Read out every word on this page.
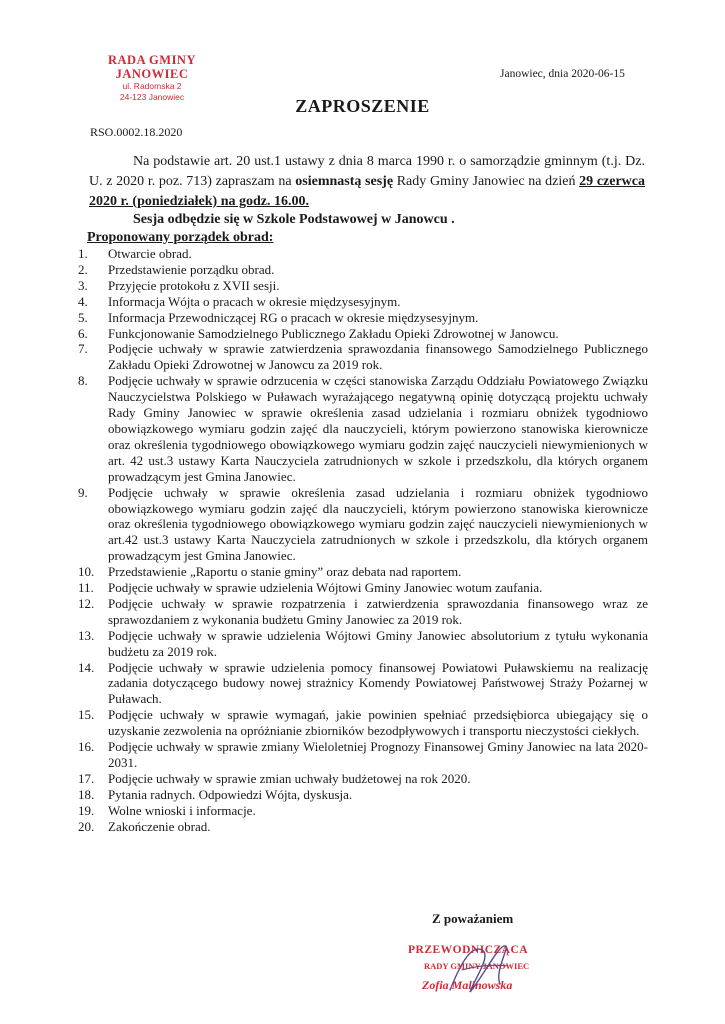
RADA GMINY
JANOWIEC
ul. Radomska 2
24-123 Janowiec
Janowiec, dnia 2020-06-15
ZAPROSZENIE
RSO.0002.18.2020
Na podstawie art. 20 ust.1 ustawy z dnia 8 marca 1990 r. o samorządzie gminnym (t.j. Dz. U. z 2020 r. poz. 713) zapraszam na osiemnastą sesję Rady Gminy Janowiec na dzień 29 czerwca 2020 r. (poniedziałek) na godz. 16.00.
Sesja odbędzie się w Szkole Podstawowej w Janowcu .
Proponowany porządek obrad:
1.	Otwarcie obrad.
2.	Przedstawienie porządku obrad.
3.	Przyjęcie protokołu z XVII sesji.
4.	Informacja Wójta o pracach w okresie międzysesyjnym.
5.	Informacja Przewodniczącej RG o pracach w okresie międzysesyjnym.
6.	Funkcjonowanie Samodzielnego Publicznego Zakładu Opieki Zdrowotnej w Janowcu.
7.	Podjęcie uchwały w sprawie zatwierdzenia sprawozdania finansowego Samodzielnego Publicznego Zakładu Opieki Zdrowotnej w Janowcu za 2019 rok.
8.	Podjęcie uchwały w sprawie odrzucenia w części stanowiska Zarządu Oddziału Powiatowego Związku Nauczycielstwa Polskiego w Puławach wyrażającego negatywną opinię dotyczącą projektu uchwały Rady Gminy Janowiec w sprawie określenia zasad udzielania i rozmiaru obniżek tygodniowo obowiązkowego wymiaru godzin zajęć dla nauczycieli, którym powierzono stanowiska kierownicze oraz określenia tygodniowego obowiązkowego wymiaru godzin zajęć nauczycieli niewymienionych w art. 42 ust.3 ustawy Karta Nauczyciela zatrudnionych w szkole i przedszkolu, dla których organem prowadzącym jest Gmina Janowiec.
9.	Podjęcie uchwały w sprawie określenia zasad udzielania i rozmiaru obniżek tygodniowo obowiązkowego wymiaru godzin zajęć dla nauczycieli, którym powierzono stanowiska kierownicze oraz określenia tygodniowego obowiązkowego wymiaru godzin zajęć nauczycieli niewymienionych w art.42 ust.3 ustawy Karta Nauczyciela zatrudnionych w szkole i przedszkolu, dla których organem prowadzącym jest Gmina Janowiec.
10.	Przedstawienie „Raportu o stanie gminy” oraz debata nad raportem.
11.	Podjęcie uchwały w sprawie udzielenia Wójtowi Gminy Janowiec wotum zaufania.
12.	Podjęcie uchwały w sprawie rozpatrzenia i zatwierdzenia sprawozdania finansowego wraz ze sprawozdaniem z wykonania budżetu Gminy Janowiec za 2019 rok.
13.	Podjęcie uchwały w sprawie udzielenia Wójtowi Gminy Janowiec absolutorium z tytułu wykonania budżetu za 2019 rok.
14.	Podjęcie uchwały w sprawie udzielenia pomocy finansowej Powiatowi Puławskiemu na realizację zadania dotyczącego budowy nowej strażnicy Komendy Powiatowej Państwowej Straży Pożarnej w Puławach.
15.	Podjęcie uchwały w sprawie wymagań, jakie powinien spełniać przedsiębiorca ubiegający się o uzyskanie zezwolenia na opróżnianie zbiorników bezodpływowych i transportu nieczystości ciekłych.
16.	Podjęcie uchwały w sprawie zmiany Wieloletniej Prognozy Finansowej Gminy Janowiec na lata 2020-2031.
17.	Podjęcie uchwały w sprawie zmian uchwały budżetowej na rok 2020.
18.	Pytania radnych. Odpowiedzi Wójta, dyskusja.
19.	Wolne wnioski i informacje.
20.	Zakończenie obrad.
Z poważaniem
PRZEWODNICZĄCA
RADY GMINY JANOWIEC
Zofia Malinowska
